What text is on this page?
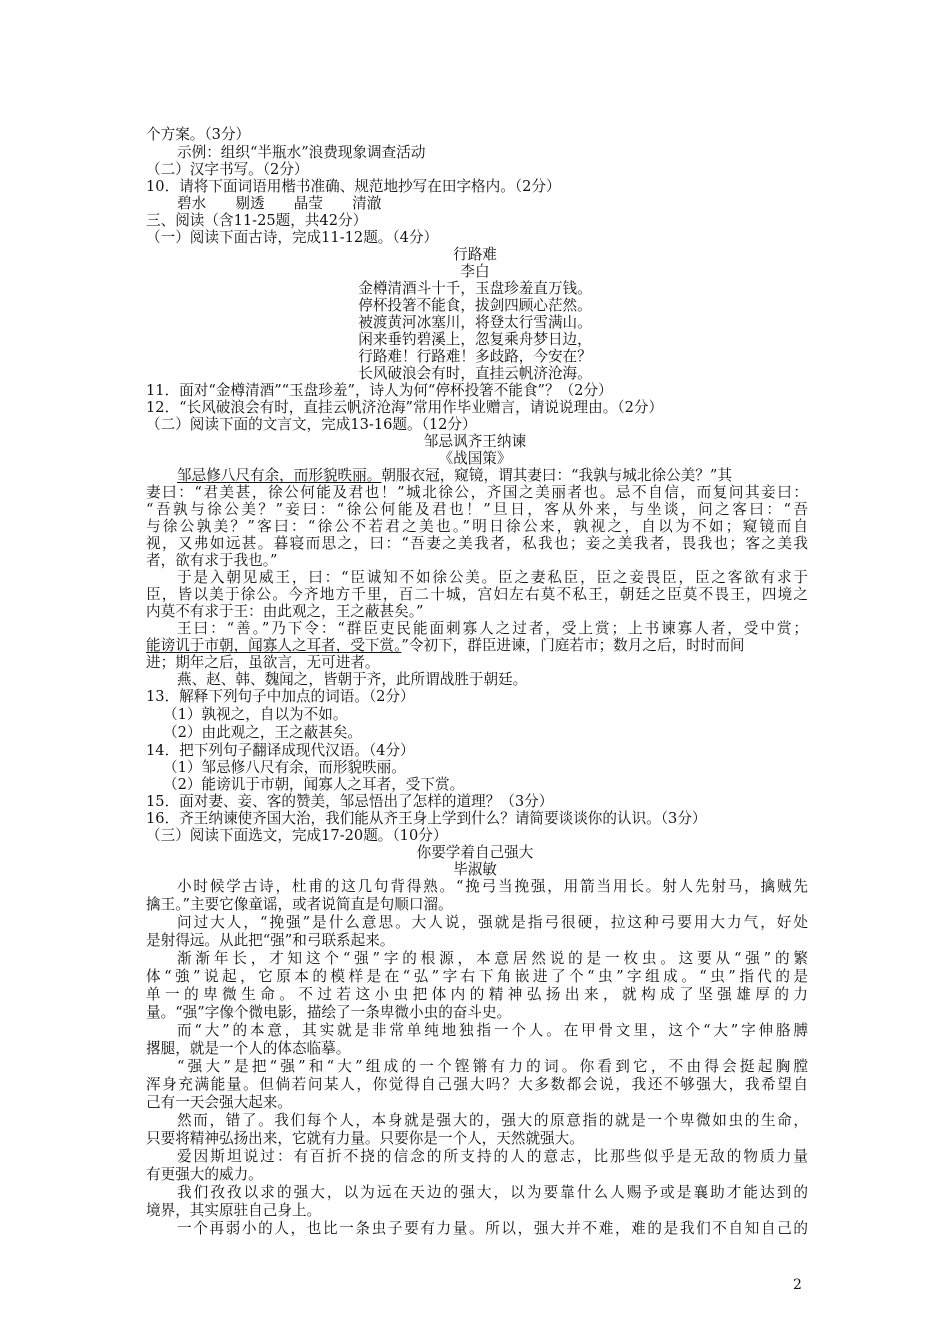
个方案。（3分）
示例：组织“半瓶水”浪费现象调查活动
（二）汉字书写。（2分）
10．请将下面词语用楷书准确、规范地抄写在田字格内。（2分）
碧水　　剔透　　晶莹　　清澈
三、阅读（含11-25题，共42分）
（一）阅读下面古诗，完成11-12题。（4分）
行路难
李白
金樽清酒斗十千，玉盘珍羞直万钱。
停杯投箸不能食，拔剑四顾心茫然。
被渡黄河冰塞川，将登太行雪满山。
闲来垂钓碧溪上，忽复乘舟梦日边，
行路难！行路难！多歧路，今安在？
长风破浪会有时，直挂云帆济沧海。
11．面对“金樽清酒”“玉盘珍羞”，诗人为何“停杯投箸不能食”？（2分）
12．“长风破浪会有时，直挂云帆济沧海”常用作毕业赠言，请说说理由。（2分）
（二）阅读下面的文言文，完成13-16题。（12分）
邹忌讽齐王纳谏
《战国策》
邹忌修八尺有余，而形貌昳丽。朝服衣冠，窥镜，谓其妻曰：“我孰与城北徐公美？”其
妻曰：“君美甚，徐公何能及君也！”城北徐公，齐国之美丽者也。忌不自信，而复问其妾曰：
“吾孰与徐公美？”妾曰：“徐公何能及君也！”旦日，客从外来，与坐谈，问之客曰：“吾
与徐公孰美？”客曰：“徐公不若君之美也。”明日徐公来，孰视之，自以为不如；窥镜而自
视，又弗如远甚。暮寝而思之，曰：“吾妻之美我者，私我也；妾之美我者，畏我也；客之美我
者，欲有求于我也。”
于是入朝见威王，曰：“臣诚知不如徐公美。臣之妻私臣，臣之妾畏臣，臣之客欲有求于
臣，皆以美于徐公。今齐地方千里，百二十城，宫妇左右莫不私王，朝廷之臣莫不畏王，四境之
内莫不有求于王：由此观之，王之蔽甚矣。”
王曰：“善。”乃下令：“群臣吏民能面刺寡人之过者，受上赏；上书谏寡人者，受中赏；
能谤讥于市朝，闻寡人之耳者，受下赏。”令初下，群臣进谏，门庭若市；数月之后，时时而间
进；期年之后，虽欲言，无可进者。
燕、赵、韩、魏闻之，皆朝于齐，此所谓战胜于朝廷。
13．解释下列句子中加点的词语。（2分）
（1）孰视之，自以为不如。
（2）由此观之，王之蔽甚矣。
14．把下列句子翻译成现代汉语。（4分）
（1）邹忌修八尺有余，而形貌昳丽。
（2）能谤讥于市朝，闻寡人之耳者，受下赏。
15．面对妻、妾、客的赞美，邹忌悟出了怎样的道理？（3分）
16．齐王纳谏使齐国大治，我们能从齐王身上学到什么？请简要谈谈你的认识。（3分）
（三）阅读下面选文，完成17-20题。（10分）
你要学着自己强大
毕淑敏
小时候学古诗，杜甫的这几句背得熟。“挽弓当挽强，用箭当用长。射人先射马，擒贼先
擒王。”主要它像童谣，或者说简直是句顺口溜。
问过大人，“挽强”是什么意思。大人说，强就是指弓很硬，拉这种弓要用大力气，好处
是射得远。从此把“强”和弓联系起来。
渐渐年长，才知这个“强”字的根源，本意居然说的是一枚虫。这要从“强”的繁
体“強”说起，它原本的模样是在“弘”字右下角嵌进了个“虫”字组成。“虫”指代的是
单一的卑微生命。不过若这小虫把体内的精神弘扬出来，就构成了坚强雄厚的力
量。“强”字像个微电影，描绘了一条卑微小虫的奋斗史。
而“大”的本意，其实就是非常单纯地独指一个人。在甲骨文里，这个“大”字伸胳膊
撂腿，就是一个人的体态临摹。
“强大”是把“强”和“大”组成的一个铿锵有力的词。你看到它，不由得会挺起胸膛
浑身充满能量。但倘若问某人，你觉得自己强大吗？大多数都会说，我还不够强大，我希望自
己有一天会强大起来。
然而，错了。我们每个人，本身就是强大的，强大的原意指的就是一个卑微如虫的生命，
只要将精神弘扬出来，它就有力量。只要你是一个人，天然就强大。
爱因斯坦说过：有百折不挠的信念的所支持的人的意志，比那些似乎是无敌的物质力量
有更强大的威力。
我们孜孜以求的强大，以为远在天边的强大，以为要靠什么人赐予或是襄助才能达到的
境界，其实原驻自己身上。
一个再弱小的人，也比一条虫子要有力量。所以，强大并不难，难的是我们不自知自己的
2
